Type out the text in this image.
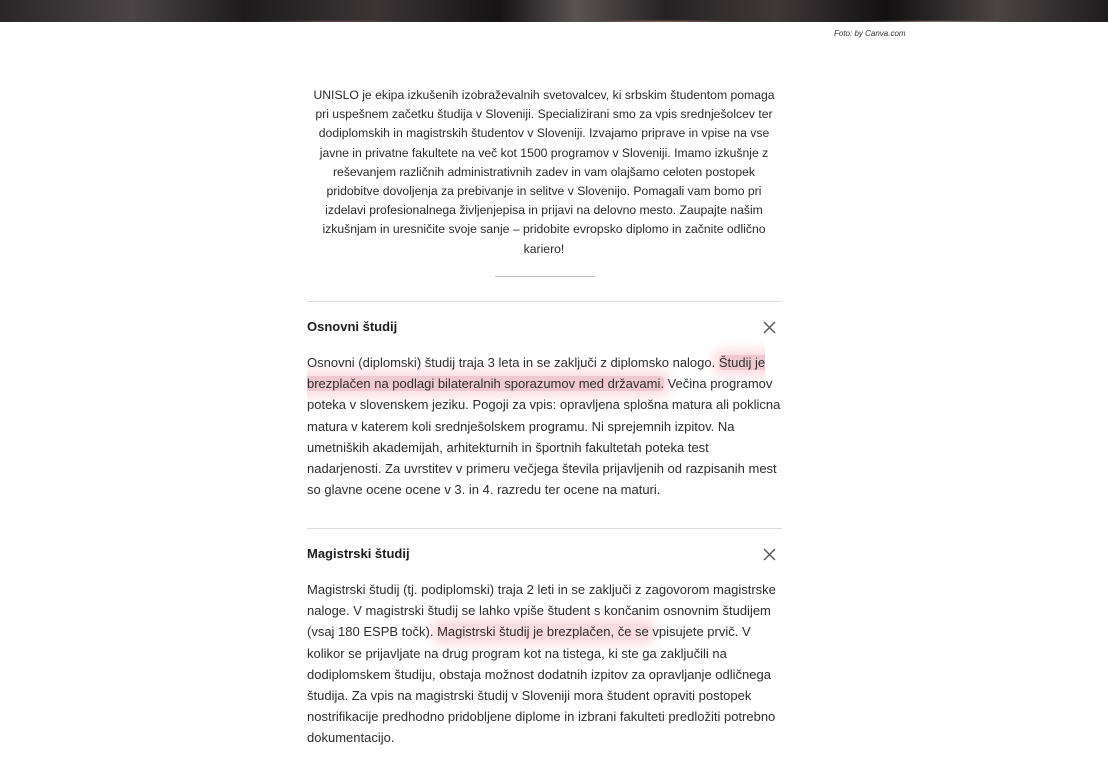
Foto: by Canva.com

UNISLO je ekipa izkušenih izobraževalnih svetovalcev, ki srbskim študentom pomaga pri uspešnem začetku študija v Sloveniji. Specializirani smo za vpis srednješolcev ter dodiplomskih in magistrskih študentov v Sloveniji. Izvajamo priprave in vpise na vse javne in privatne fakultete na več kot 1500 programov v Sloveniji. Imamo izkušnje z reševanjem različnih administrativnih zadev in vam olajšamo celoten postopek pridobitve dovoljenja za prebivanje in selitve v Slovenijo. Pomagali vam bomo pri izdelavi profesionalnega življenjepisa in prijavi na delovno mesto. Zaupajte našim izkušnjam in uresničite svoje sanje – pridobite evropsko diplomo in začnite odlično kariero!

Osnovni študij
Osnovni (diplomski) študij traja 3 leta in se zaključi z diplomsko nalogo. Študij je brezplačen na podlagi bilateralnih sporazumov med državami. Večina programov poteka v slovenskem jeziku. Pogoji za vpis: opravljena splošna matura ali poklicna matura v katerem koli srednješolskem programu. Ni sprejemnih izpitov. Na umetniških akademijah, arhitekturnih in športnih fakultetah poteka test nadarjenosti. Za uvrstitev v primeru večjega števila prijavljenih od razpisanih mest so glavne ocene ocene v 3. in 4. razredu ter ocene na maturi.
Magistrski študij
Magistrski študij (tj. podiplomski) traja 2 leti in se zaključi z zagovorom magistrske naloge. V magistrski študij se lahko vpiše študent s končanim osnovnim študijem (vsaj 180 ESPB točk). Magistrski študij je brezplačen, če se vpisujete prvič. V kolikor se prijavljate na drug program kot na tistega, ki ste ga zaključili na dodiplomskem študiju, obstaja možnost dodatnih izpitov za opravljanje odličnega študija. Za vpis na magistrski študij v Sloveniji mora študent opraviti postopek nostrifikacije predhodno pridobljene diplome in izbrani fakulteti predložiti potrebno dokumentacijo.
